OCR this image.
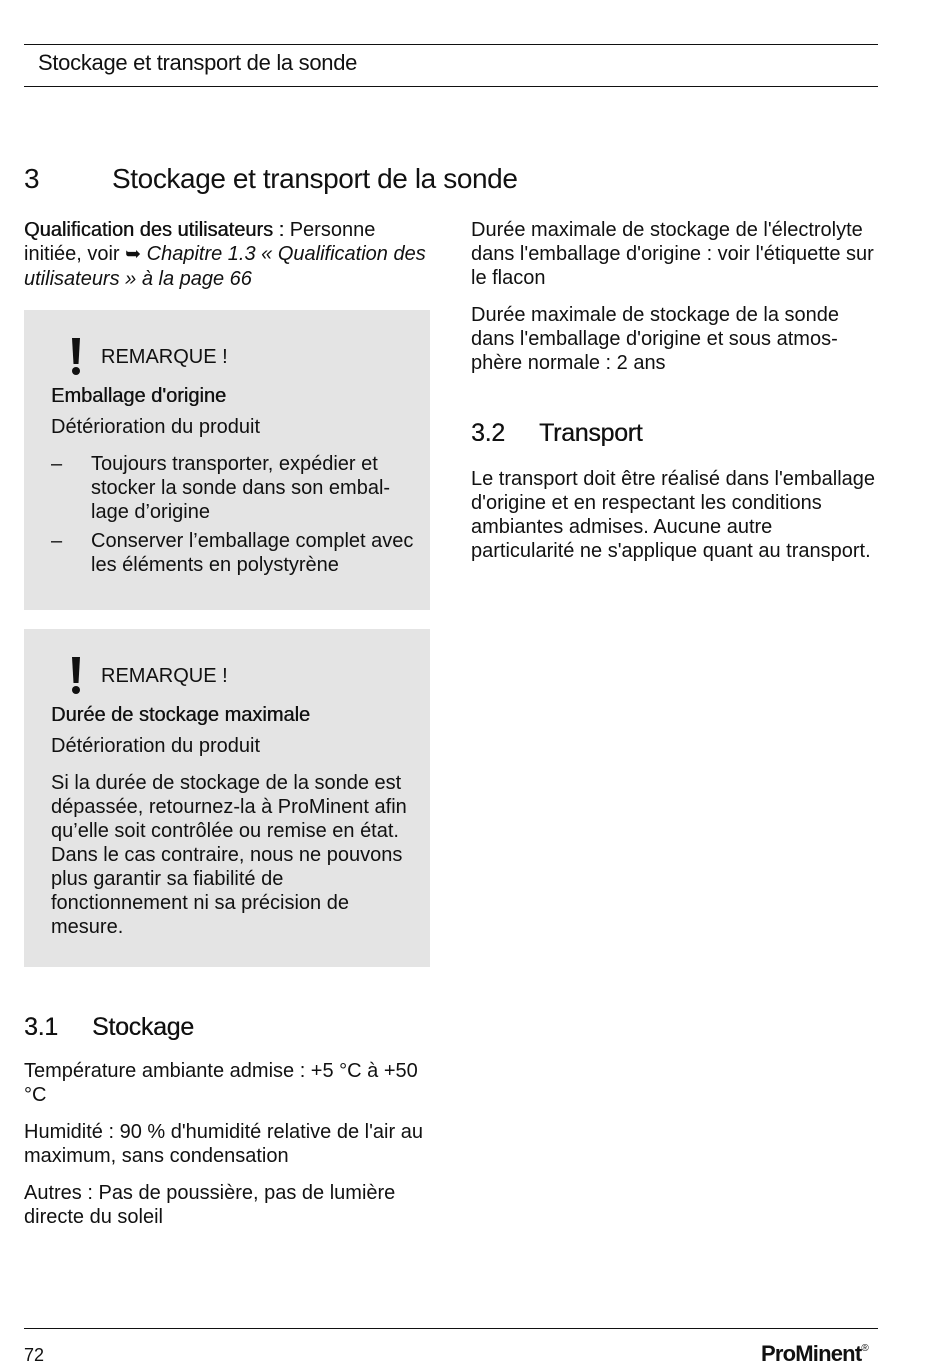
Stockage et transport de la sonde
3	Stockage et transport de la sonde

Qualification des utilisateurs : Personne initiée, voir ➥ Chapitre 1.3 « Qualification des utilisateurs » à la page 66

REMARQUE !
Emballage d'origine
Détérioration du produit
– Toujours transporter, expédier et stocker la sonde dans son emballage d’origine
– Conserver l’emballage complet avec les éléments en polystyrène
REMARQUE !
Durée de stockage maximale
Détérioration du produit
Si la durée de stockage de la sonde est dépassée, retournez-la à ProMinent afin qu’elle soit contrôlée ou remise en état. Dans le cas contraire, nous ne pouvons plus garantir sa fiabilité de fonctionnement ni sa précision de mesure.
3.1 Stockage

Température ambiante admise : +5 °C à +50 °C

Humidité : 90 % d'humidité relative de l'air au maximum, sans condensation

Autres : Pas de poussière, pas de lumière directe du soleil

Durée maximale de stockage de l'électrolyte dans l'emballage d'origine : voir l'étiquette sur le flacon

Durée maximale de stockage de la sonde dans l'emballage d'origine et sous atmosphère normale : 2 ans

3.2 Transport

Le transport doit être réalisé dans l'emballage d'origine et en respectant les conditions ambiantes admises. Aucune autre particularité ne s'applique quant au transport.

72	ProMinent®
